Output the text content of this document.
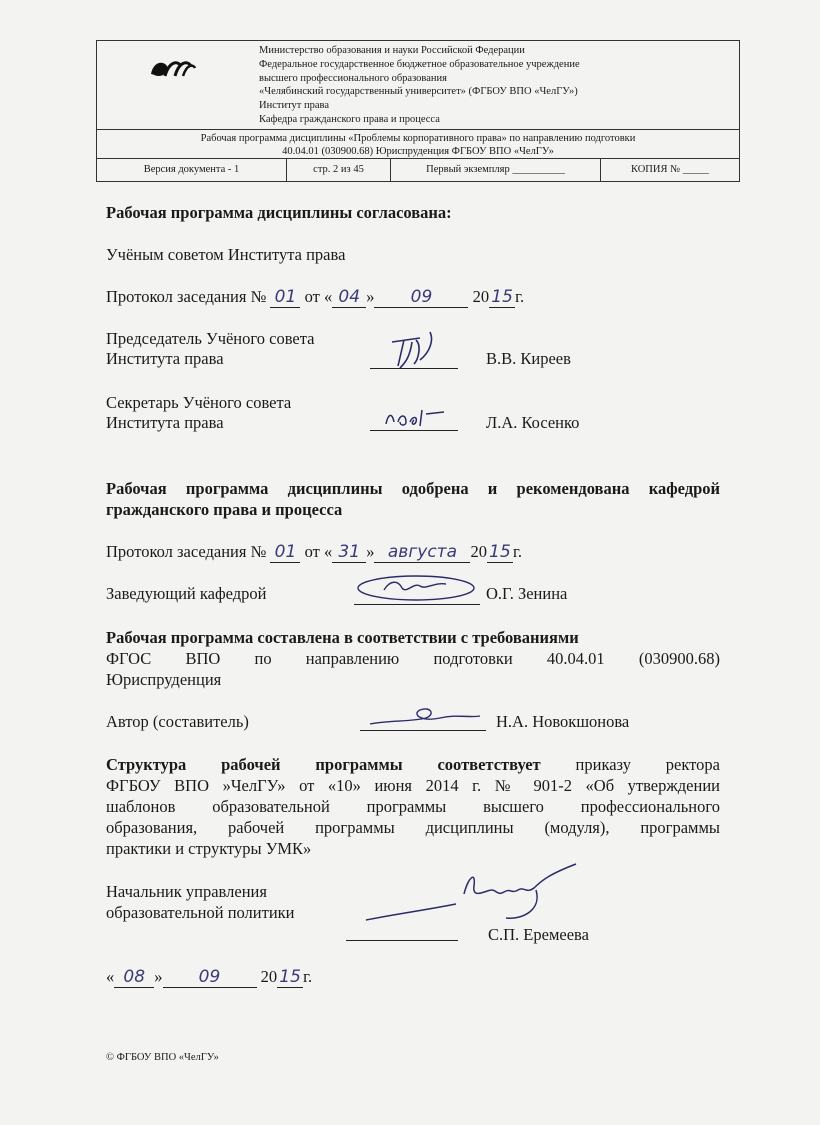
Министерство образования и науки Российской Федерации
Федеральное государственное бюджетное образовательное учреждение
высшего профессионального образования
«Челябинский государственный университет» (ФГБОУ ВПО «ЧелГУ»)
Институт права
Кафедра гражданского права и процесса
Рабочая программа дисциплины «Проблемы корпоративного права» по направлению подготовки
40.04.01 (030900.68) Юриспруденция ФГБОУ ВПО «ЧелГУ»
Версия документа - 1	стр. 2 из 45	Первый экземпляр __________	КОПИЯ № _____
Рабочая программа дисциплины согласована:
Учёным советом Института права
Протокол заседания № 01 от « 04 » 09 20 15 г.
Председатель Учёного совета
Института права	В.В. Киреев
Секретарь Учёного совета
Института права	Л.А. Косенко
Рабочая программа дисциплины одобрена и рекомендована кафедрой
гражданского права и процесса
Протокол заседания № 01 от « 31 » августа 20 15 г.
Заведующий кафедрой	О.Г. Зенина
Рабочая программа составлена в соответствии с требованиями
ФГОС ВПО по направлению подготовки 40.04.01 (030900.68)
Юриспруденция
Автор (составитель)	Н.А. Новокшонова
Структура рабочей программы соответствует приказу ректора
ФГБОУ ВПО »ЧелГУ» от «10» июня 2014 г. № 901-2 «Об утверждении
шаблонов образовательной программы высшего профессионального
образования, рабочей программы дисциплины (модуля), программы
практики и структуры УМК»
Начальник управления
образовательной политики
С.П. Еремеева
« 08 » 09 20 15 г.
© ФГБОУ ВПО «ЧелГУ»
